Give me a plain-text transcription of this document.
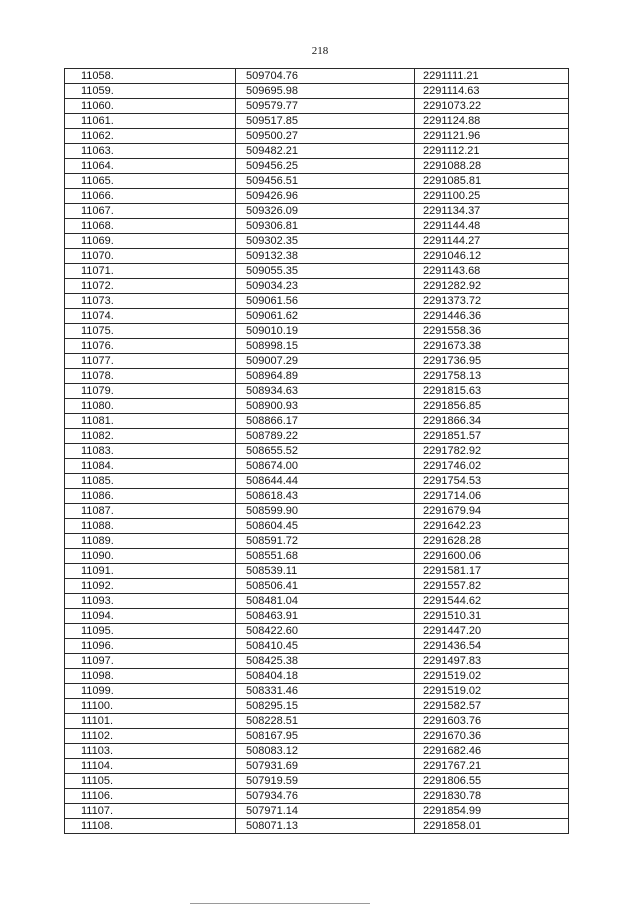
218
11058.	509704.76	2291111.21
11059.	509695.98	2291114.63
11060.	509579.77	2291073.22
11061.	509517.85	2291124.88
11062.	509500.27	2291121.96
11063.	509482.21	2291112.21
11064.	509456.25	2291088.28
11065.	509456.51	2291085.81
11066.	509426.96	2291100.25
11067.	509326.09	2291134.37
11068.	509306.81	2291144.48
11069.	509302.35	2291144.27
11070.	509132.38	2291046.12
11071.	509055.35	2291143.68
11072.	509034.23	2291282.92
11073.	509061.56	2291373.72
11074.	509061.62	2291446.36
11075.	509010.19	2291558.36
11076.	508998.15	2291673.38
11077.	509007.29	2291736.95
11078.	508964.89	2291758.13
11079.	508934.63	2291815.63
11080.	508900.93	2291856.85
11081.	508866.17	2291866.34
11082.	508789.22	2291851.57
11083.	508655.52	2291782.92
11084.	508674.00	2291746.02
11085.	508644.44	2291754.53
11086.	508618.43	2291714.06
11087.	508599.90	2291679.94
11088.	508604.45	2291642.23
11089.	508591.72	2291628.28
11090.	508551.68	2291600.06
11091.	508539.11	2291581.17
11092.	508506.41	2291557.82
11093.	508481.04	2291544.62
11094.	508463.91	2291510.31
11095.	508422.60	2291447.20
11096.	508410.45	2291436.54
11097.	508425.38	2291497.83
11098.	508404.18	2291519.02
11099.	508331.46	2291519.02
11100.	508295.15	2291582.57
11101.	508228.51	2291603.76
11102.	508167.95	2291670.36
11103.	508083.12	2291682.46
11104.	507931.69	2291767.21
11105.	507919.59	2291806.55
11106.	507934.76	2291830.78
11107.	507971.14	2291854.99
11108.	508071.13	2291858.01
